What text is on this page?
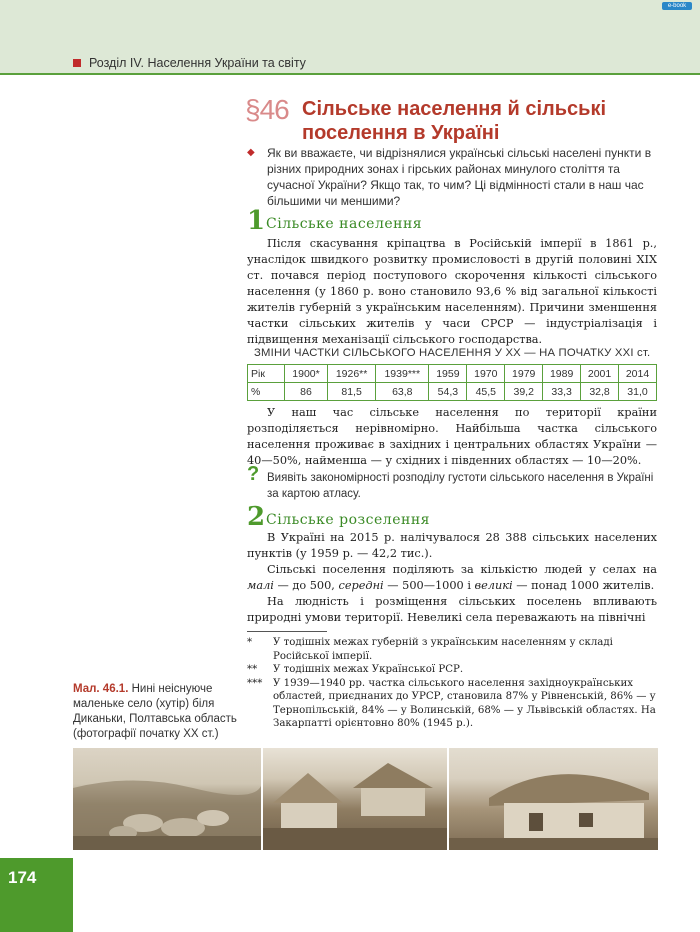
e-book
Розділ IV. Населення України та світу
§46 Сільське населення й сільські
поселення в Україні
◆ Як ви вважаєте, чи відрізнялися українські сільські населені пункти в різних природних зонах і гірських районах минулого століття та сучасної України? Якщо так, то чим? Ці відмінності стали в наш час більшими чи меншими?
1 Сільське населення

Після скасування кріпацтва в Російській імперії в 1861 р., унаслідок швидкого розвитку промисловості в другій половині XIX ст. почався період поступового скорочення кількості сільського населення (у 1860 р. воно становило 93,6 % від загальної кількості жителів губерній з українським населенням). Причини зменшення частки сільських жителів у часи СРСР — індустріалізація і підвищення механізації сільського господарства.

ЗМІНИ ЧАСТКИ СІЛЬСЬКОГО НАСЕЛЕННЯ У XX — НА ПОЧАТКУ XXI ст.
Рік	1900*	1926**	1939***	1959	1970	1979	1989	2001	2014
%	86	81,5	63,8	54,3	45,5	39,2	33,3	32,8	31,0

У наш час сільське населення по території країни розподіляється нерівномірно. Найбільша частка сільського населення проживає в західних і центральних областях України — 40—50%, найменша — у східних і південних областях — 10—20%.

? Виявіть закономірності розподілу густоти сільського населення в Україні за картою атласу.
2 Сільське розселення

В Україні на 2015 р. налічувалося 28 388 сільських населених пунктів (у 1959 р. — 42,2 тис.).

Сільські поселення поділяють за кількістю людей у селах на малі — до 500, середні — 500—1000 і великі — понад 1000 жителів.

На людність і розміщення сільських поселень впливають природні умови території. Невеликі села переважають на північні

* У тодішніх межах губерній з українським населенням у складі Російської імперії.
** У тодішніх межах Української РСР.
*** У 1939—1940 рр. частка сільського населення західноукраїнських областей, приєднаних до УРСР, становила 87% у Рівненській, 86% — у Тернопільській, 84% — у Волинській, 68% — у Львівській областях. На Закарпатті орієнтовно 80% (1945 р.).
Мал. 46.1. Нині неіснуюче маленьке село (хутір) біля Диканьки, Полтавська область (фотографії початку XX ст.)
174
